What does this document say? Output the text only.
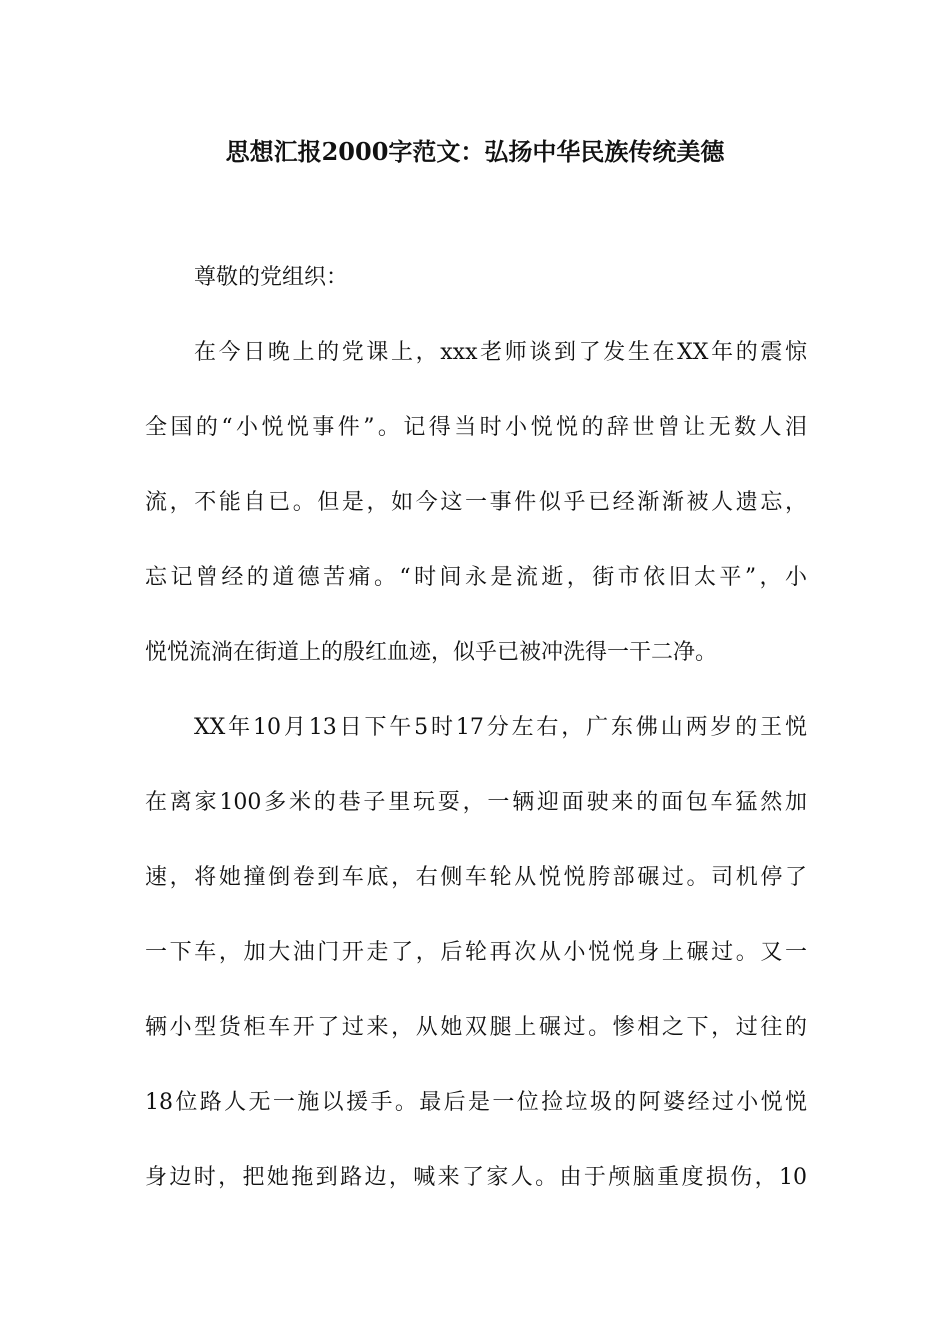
思想汇报2000字范文：弘扬中华民族传统美德

尊敬的党组织：

在今日晚上的党课上，xxx老师谈到了发生在XX年的震惊

全国的“小悦悦事件”。记得当时小悦悦的辞世曾让无数人泪

流，不能自已。但是，如今这一事件似乎已经渐渐被人遗忘，

忘记曾经的道德苦痛。“时间永是流逝，街市依旧太平”，小

悦悦流淌在街道上的殷红血迹，似乎已被冲洗得一干二净。

XX年10月13日下午5时17分左右，广东佛山两岁的王悦

在离家100多米的巷子里玩耍，一辆迎面驶来的面包车猛然加

速，将她撞倒卷到车底，右侧车轮从悦悦胯部碾过。司机停了

一下车，加大油门开走了，后轮再次从小悦悦身上碾过。又一

辆小型货柜车开了过来，从她双腿上碾过。惨相之下，过往的

18位路人无一施以援手。最后是一位捡垃圾的阿婆经过小悦悦

身边时，把她拖到路边，喊来了家人。由于颅脑重度损伤，10
